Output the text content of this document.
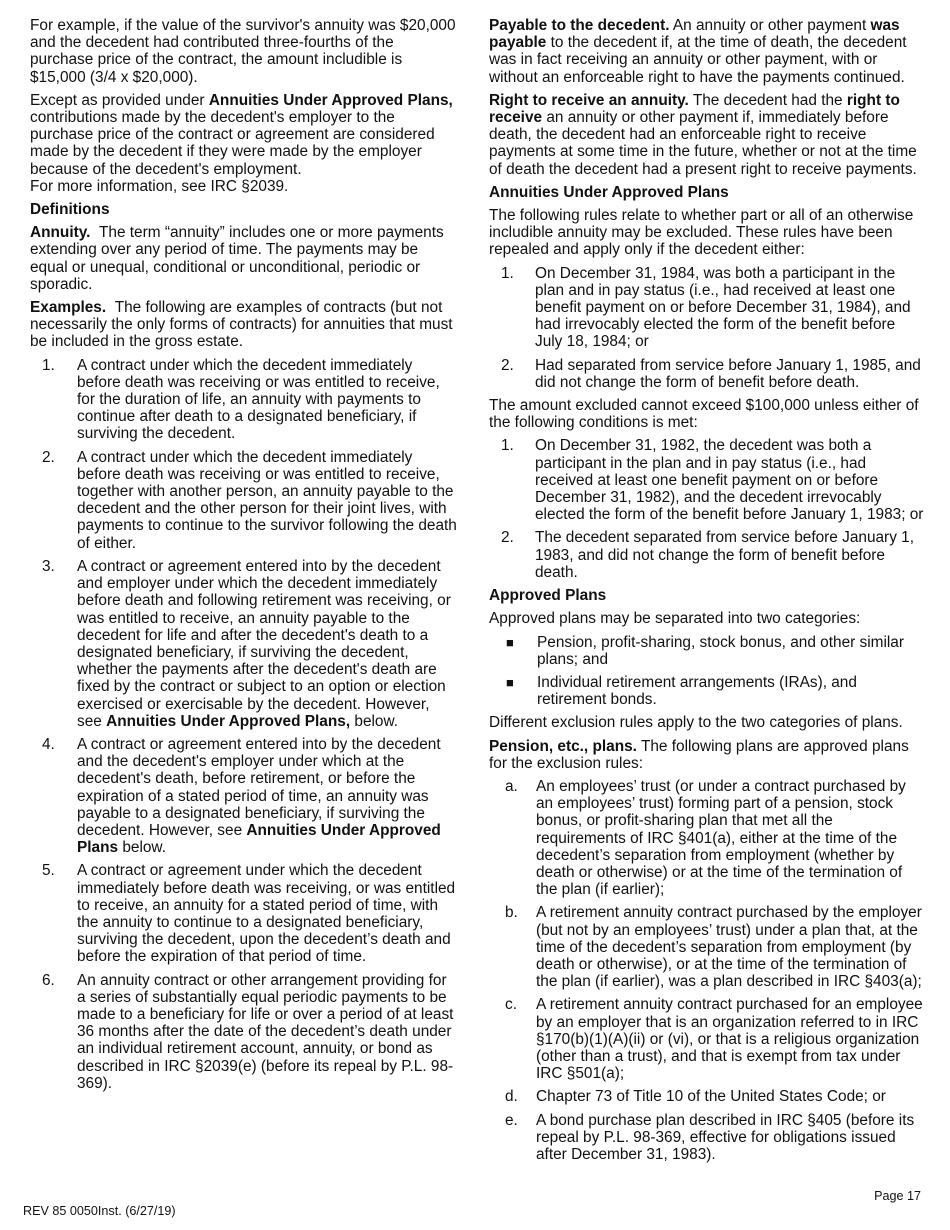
For example, if the value of the survivor's annuity was $20,000 and the decedent had contributed three-fourths of the purchase price of the contract, the amount includible is $15,000 (3/4 x $20,000).

Except as provided under Annuities Under Approved Plans, contributions made by the decedent's employer to the purchase price of the contract or agreement are considered made by the decedent if they were made by the employer because of the decedent's employment.
For more information, see IRC §2039.

Definitions

Annuity. The term “annuity” includes one or more payments extending over any period of time. The payments may be equal or unequal, conditional or unconditional, periodic or sporadic.

Examples. The following are examples of contracts (but not necessarily the only forms of contracts) for annuities that must be included in the gross estate.

1. A contract under which the decedent immediately before death was receiving or was entitled to receive, for the duration of life, an annuity with payments to continue after death to a designated beneficiary, if surviving the decedent.
2. A contract under which the decedent immediately before death was receiving or was entitled to receive, together with another person, an annuity payable to the decedent and the other person for their joint lives, with payments to continue to the survivor following the death of either.
3. A contract or agreement entered into by the decedent and employer under which the decedent immediately before death and following retirement was receiving, or was entitled to receive, an annuity payable to the decedent for life and after the decedent's death to a designated beneficiary, if surviving the decedent, whether the payments after the decedent's death are fixed by the contract or subject to an option or election exercised or exercisable by the decedent. However, see Annuities Under Approved Plans, below.
4. A contract or agreement entered into by the decedent and the decedent's employer under which at the decedent's death, before retirement, or before the expiration of a stated period of time, an annuity was payable to a designated beneficiary, if surviving the decedent. However, see Annuities Under Approved Plans below.
5. A contract or agreement under which the decedent immediately before death was receiving, or was entitled to receive, an annuity for a stated period of time, with the annuity to continue to a designated beneficiary, surviving the decedent, upon the decedent’s death and before the expiration of that period of time.
6. An annuity contract or other arrangement providing for a series of substantially equal periodic payments to be made to a beneficiary for life or over a period of at least 36 months after the date of the decedent’s death under an individual retirement account, annuity, or bond as described in IRC §2039(e) (before its repeal by P.L. 98-369).

Payable to the decedent. An annuity or other payment was payable to the decedent if, at the time of death, the decedent was in fact receiving an annuity or other payment, with or without an enforceable right to have the payments continued.

Right to receive an annuity. The decedent had the right to receive an annuity or other payment if, immediately before death, the decedent had an enforceable right to receive payments at some time in the future, whether or not at the time of death the decedent had a present right to receive payments.

Annuities Under Approved Plans

The following rules relate to whether part or all of an otherwise includible annuity may be excluded. These rules have been repealed and apply only if the decedent either:

1. On December 31, 1984, was both a participant in the plan and in pay status (i.e., had received at least one benefit payment on or before December 31, 1984), and had irrevocably elected the form of the benefit before July 18, 1984; or
2. Had separated from service before January 1, 1985, and did not change the form of benefit before death.

The amount excluded cannot exceed $100,000 unless either of the following conditions is met:

1. On December 31, 1982, the decedent was both a participant in the plan and in pay status (i.e., had received at least one benefit payment on or before December 31, 1982), and the decedent irrevocably elected the form of the benefit before January 1, 1983; or
2. The decedent separated from service before January 1, 1983, and did not change the form of benefit before death.
Approved Plans

Approved plans may be separated into two categories:

■ Pension, profit-sharing, stock bonus, and other similar plans; and
■ Individual retirement arrangements (IRAs), and retirement bonds.

Different exclusion rules apply to the two categories of plans.

Pension, etc., plans. The following plans are approved plans for the exclusion rules:

a. An employees’ trust (or under a contract purchased by an employees’ trust) forming part of a pension, stock bonus, or profit-sharing plan that met all the requirements of IRC §401(a), either at the time of the decedent’s separation from employment (whether by death or otherwise) or at the time of the termination of the plan (if earlier);
b. A retirement annuity contract purchased by the employer (but not by an employees’ trust) under a plan that, at the time of the decedent’s separation from employment (by death or otherwise), or at the time of the termination of the plan (if earlier), was a plan described in IRC §403(a);
c. A retirement annuity contract purchased for an employee by an employer that is an organization referred to in IRC §170(b)(1)(A)(ii) or (vi), or that is a religious organization (other than a trust), and that is exempt from tax under IRC §501(a);
d. Chapter 73 of Title 10 of the United States Code; or
e. A bond purchase plan described in IRC §405 (before its repeal by P.L. 98-369, effective for obligations issued after December 31, 1983).
REV 85 0050Inst. (6/27/19)
Page 17
